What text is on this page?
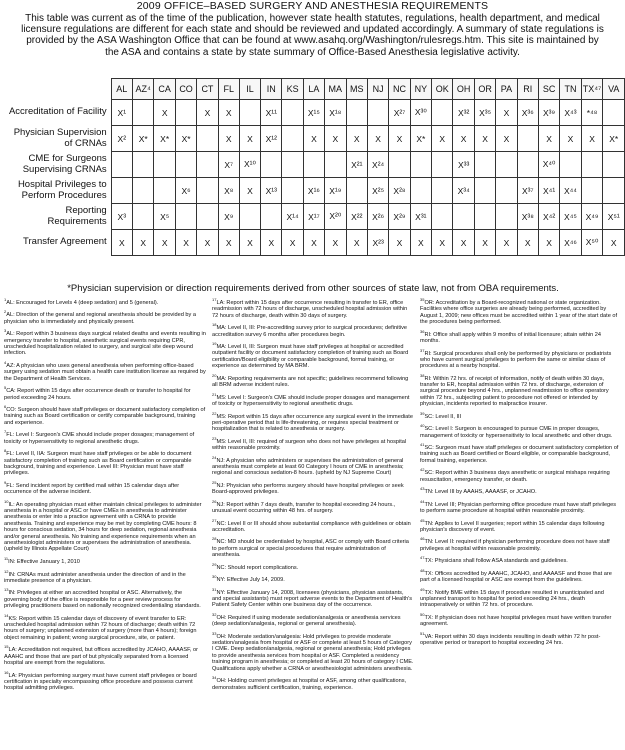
2009 OFFICE–BASED SURGERY AND ANESTHESIA REQUIREMENTS
This table was current as of the time of the publication, however state health statutes, regulations, health department, and medical licensure regulations are different for each state and should be reviewed and updated accordingly. A summary of state regulations is provided by the ASA Washington Office that can be found at www.asahq.org/Washington/rulesregs.htm. This site is maintained by the ASA and contains a state by state summary of Office-Based Anesthesia legislative activity.
	AL	AZ⁴	CA	CO	CT	FL	IL	IN	KS	LA	MA	MS	NJ	NC	NY	OK	OH	OR	PA	RI	SC	TN	TX⁴⁷	VA
Accreditation of Facility	X¹		X		X	X		X¹¹		X¹⁵	X¹⁸			X²⁷	X³⁰		X³²	X³⁵	X	X³⁶	X³⁹	X⁴³	*⁴⁸	
Physician Supervision of CRNAs	X²	X*	X*	X*		X	X	X¹²		X	X	X	X	X	X*	X	X	X	X		X	X	X	X*
CME for Surgeons Supervising CRNAs						X⁷	X¹⁰					X²¹	X²⁴				X³³				X⁴⁰			
Hospital Privileges to Perform Procedures				X⁶		X⁸	X	X¹³		X¹⁶	X¹⁹		X²⁵	X²⁸			X³⁴			X³⁷	X⁴¹	X⁴⁴		
Reporting Requirements	X³		X⁵			X⁹			X¹⁴	X¹⁷	X²⁰	X²²	X²⁶	X²⁹	X³¹					X³⁸	X⁴²	X⁴⁵	X⁴⁹	X⁵¹
Transfer Agreement	X	X	X	X	X	X	X	X	X	X	X	X	X²³	X	X	X	X	X	X	X	X	X⁴⁶	X⁵⁰	X
*Physician supervision or direction requirements derived from other sources of state law, not from OBA requirements.
$^1$AL: Encouraged for Levels 4 (deep sedation) and 5 (general).
$^2$AL: Direction of the general and regional anesthesia should be provided by a physician who is immediately and physically present.
$^3$AL: Report within 3 business days surgical related deaths and events resulting in emergency transfer to hospital, anesthetic surgical events requiring CPR, unscheduled hospitalization related to surgery, and surgical site deep wound infection.
$^4$AZ: A physician who uses general anesthesia when performing office-based surgery using sedation must obtain a health care institution license as required by the Department of Health Services.
$^5$CA: Report within 15 days after occurrence death or transfer to hospital for period exceeding 24 hours.
$^6$CO: Surgeon should have staff privileges or document satisfactory completion of training such as Board certification or certify comparable background, training and experience.
$^7$FL: Level I: Surgeon's CME should include proper dosages; management of toxicity or hypersensitivity to regional anesthetic drugs.
$^8$FL: Level II, IIA: Surgeon must have staff privileges or be able to document satisfactory completion of training such as Board certification or comparable background, training and experience. Level III: Physician must have staff privileges.
$^9$FL: Send incident report by certified mail within 15 calendar days after occurrence of the adverse incident.
$^{10}$IL: An operating physician must either maintain clinical privileges to administer anesthesia in a hospital or ASC or have CMEs in anesthesia to administer anesthesia or enter into a practice agreement with a CRNA to provide anesthesia. Training and experience may be met by completing CME hours: 8 hours for conscious sedation, 34 hours for deep sedation, regional anesthesia and/or general anesthesia. No training and experience requirements when an anesthesiologist administers or supervises the administration of anesthesia. (upheld by Illinois Appellate Court)
$^{11}$IN: Effective January 1, 2010
$^{12}$IN: CRNAs must administer anesthesia under the direction of and in the immediate presence of a physician.
$^{13}$IN: Privileges at either an accredited hospital or ASC. Alternatively, the governing body of the office is responsible for a peer review process for privileging practitioners based on nationally recognized credentialing standards.
$^{14}$KS: Report within 15 calendar days of discovery of event transfer to ER: unscheduled hospital admission within 72 hours of discharge; death within 72 hours of surgery; unplanned extension of surgery (more than 4 hours); foreign object remaining in patient; wrong surgical procedure, site, or patient.
$^{15}$LA: Accreditation not required, but offices accredited by JCAHO, AAAASF, or AAAHC and those that are part of but physically separated from a licensed hospital are exempt from the regulations.
$^{16}$LA: Physician performing surgery must have current staff privileges or board certification in specialty encompassing office procedure and possess current hospital admitting privileges.
$^{17}$LA: Report within 15 days after occurrence resulting in transfer to ER, office readmission with 72 hours of discharge, unscheduled hospital admission within 72 hours of discharge, death within 30 days of surgery.
$^{18}$MA: Level II, III: Pre-accrediting survey prior to surgical procedures; definitive accreditation survey 6 months after procedures begin.
$^{19}$MA: Level II, III: Surgeon must have staff privileges at hospital or accredited outpatient facility or document satisfactory completion of training such as Board certification/Board eligibility or comparable background, formal training, or experience as determined by MA BRM.
$^{20}$MA: Reporting requirements are not specific; guidelines recommend following all BRM adverse incident rules.
$^{21}$MS: Level I: Surgeon's CME should include proper dosages and management of toxicity or hypersensitivity to regional anesthetic drugs.
$^{22}$MS: Report within 15 days after occurrence any surgical event in the immediate peri-operative period that is life-threatening, or requires special treatment or hospitalization that is related to anesthesia or surgery.
$^{23}$MS: Level II, III: required of surgeon who does not have privileges at hospital within reasonable proximity.
$^{24}$NJ: A physician who administers or supervises the administration of general anesthesia must complete at least 60 Category I hours of CME in anesthesia; regional and conscious sedation-8 hours. (upheld by NJ Supreme Court)
$^{25}$NJ: Physician who performs surgery should have hospital privileges or seek Board-approved privileges.
$^{26}$NJ: Report within 7 days death, transfer to hospital exceeding 24 hours., unusual event occurring within 48 hrs. of surgery.
$^{27}$NC: Level II or III should show substantial compliance with guidelines or obtain accreditation.
$^{28}$NC: MD should be credentialed by hospital, ASC or comply with Board criteria to perform surgical or special procedures that require administration of anesthesia.
$^{29}$NC: Should report complications.
$^{30}$NY: Effective July 14, 2009.
$^{31}$NY: Effective January 14, 2008, licensees (physicians, physician assistants, and special assistants) must report adverse events to the Department of Health's Patient Safety Center within one business day of the occurrence.
$^{32}$OH: Required if using moderate sedation/analgesia or anesthesia services (deep sedation/analgesia, regional or general anesthesia).
$^{33}$OH: Moderate sedation/analgesia: Hold privileges to provide moderate sedation/analgesia from hospital or ASF or complete at least 5 hours of Category I CME. Deep sedation/analgesia, regional or general anesthesia; Hold privileges to provide anesthesia services from hospital or ASF. Completed a residency training program in anesthesia; or completed at least 20 hours of category I CME. Qualifications apply whether a CRNA or anesthesiologist administers anesthesia.
$^{34}$OH: Holding current privileges at hospital or ASF, among other qualifications, demonstrates sufficient certification, training, experience.
$^{35}$OR: Accreditation by a Board-recognized national or state organization. Facilities where office surgeries are already being performed, accredited by August 1, 2009; new offices must be accredited within 1 year of the start date of the procedures being performed.
$^{36}$RI: Office shall apply within 9 months of initial licensure; attain within 24 months.
$^{37}$RI: Surgical procedures shall only be performed by physicians or podiatrists who have current surgical privileges to perform the same or similar class of procedures at a nearby hospital.
$^{38}$RI: Within 72 hrs. of receipt of information, notify of death within 30 days, transfer to ER, hospital admission within 72 hrs. of discharge, extension of surgical procedure beyond 4 hrs., unplanned readmission to office operatory within 72 hrs., subjecting patient to procedure not offered or intended by physician, incidents reported to malpractice insurer.
$^{39}$SC: Level II, III
$^{40}$SC: Level I: Surgeon is encouraged to pursue CME in proper dosages, management of toxicity or hypersensitivity to local anesthetic and other drugs.
$^{41}$SC: Surgeon must have staff privileges or document satisfactory completion of training such as Board certified or Board eligible, or comparable background, formal training, experience.
$^{42}$SC: Report within 3 business days anesthetic or surgical mishaps requiring resuscitation, emergency transfer, or death.
$^{43}$TN: Level III by AAAHS, AAAASF, or JCAHO.
$^{44}$TN: Level III; Physician performing office procedure must have staff privileges to perform same procedure at hospital within reasonable proximity.
$^{45}$TN: Applies to Level II surgeries; report within 15 calendar days following physician's discovery of event.
$^{46}$TN: Level II: required if physician performing procedure does not have staff privileges at hospital within reasonable proximity.
$^{47}$TX: Physicians shall follow ASA standards and guidelines.
$^{48}$TX: Offices accredited by AAAHC, JCAHO, and AAAASF and those that are part of a licensed hospital or ASC are exempt from the guidelines.
$^{49}$TX: Notify BME within 15 days if procedure resulted in unanticipated and unplanned transport to hospital for period exceeding 24 hrs., death intraoperatively or within 72 hrs. of procedure.
$^{50}$TX: If physician does not have hospital privileges must have written transfer agreement.
$^{51}$VA: Report within 30 days incidents resulting in death within 72 hr post-operative period or transport to hospital exceeding 24 hrs.
